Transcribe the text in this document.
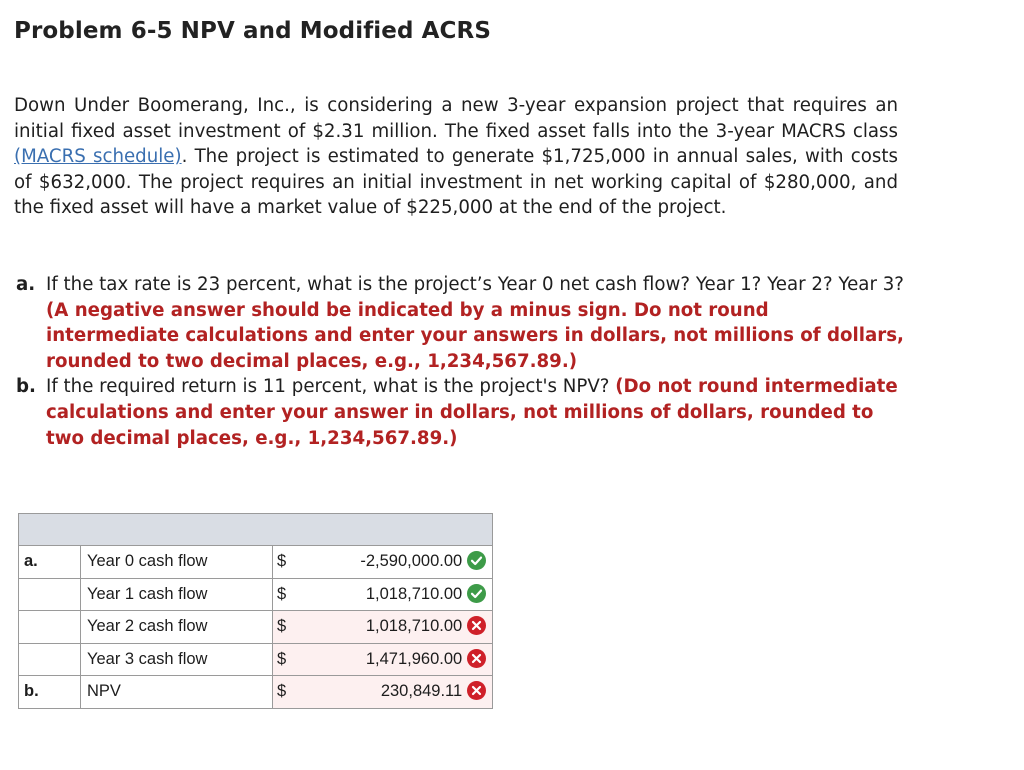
Problem 6-5 NPV and Modified ACRS
Down Under Boomerang, Inc., is considering a new 3-year expansion project that requires an initial fixed asset investment of $2.31 million. The fixed asset falls into the 3-year MACRS class (MACRS schedule). The project is estimated to generate $1,725,000 in annual sales, with costs of $632,000. The project requires an initial investment in net working capital of $280,000, and the fixed asset will have a market value of $225,000 at the end of the project.
a. If the tax rate is 23 percent, what is the project’s Year 0 net cash flow? Year 1? Year 2? Year 3? (A negative answer should be indicated by a minus sign. Do not round intermediate calculations and enter your answers in dollars, not millions of dollars, rounded to two decimal places, e.g., 1,234,567.89.)
b. If the required return is 11 percent, what is the project's NPV? (Do not round intermediate calculations and enter your answer in dollars, not millions of dollars, rounded to two decimal places, e.g., 1,234,567.89.)

a.	Year 0 cash flow	$	-2,590,000.00

	Year 1 cash flow	$	1,018,710.00

	Year 2 cash flow	$	1,018,710.00

	Year 3 cash flow	$	1,471,960.00

b.	NPV	$	230,849.11
